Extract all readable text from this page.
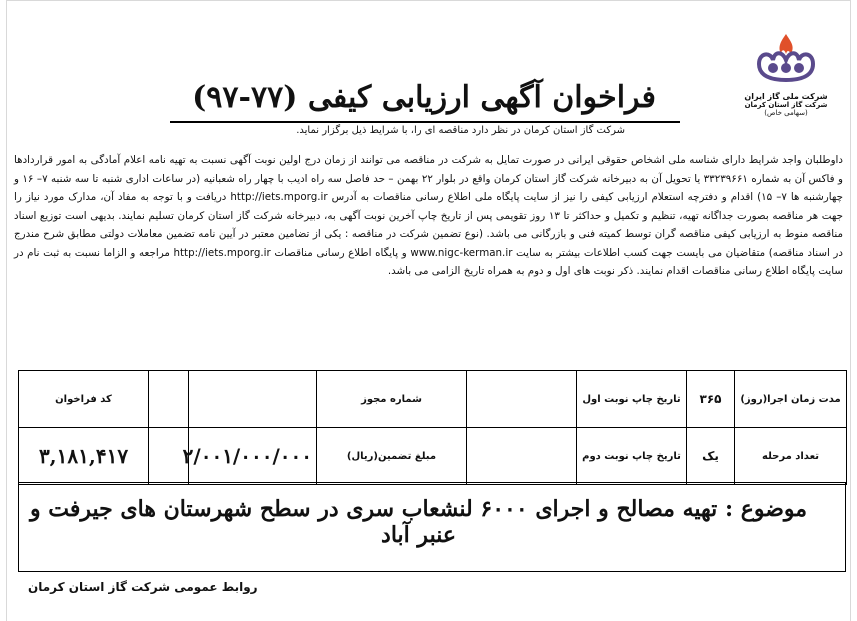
شرکت ملی گاز ایران
شرکت گاز استان کرمان
(سهامی خاص)
فراخوان آگهی ارزیابی کیفی (۷۷-۹۷)
شرکت گاز استان کرمان در نظر دارد مناقصه ای را، با شرایط ذیل برگزار نماید.
داوطلبان واجد شرایط دارای شناسه ملی اشخاص حقوقی ایرانی در صورت تمایل به شرکت در مناقصه می توانند از زمان درج اولین نوبت آگهی نسبت به تهیه نامه اعلام آمادگی به امور قراردادها و فاکس آن به شماره ۳۳۲۳۹۶۶۱ یا تحویل آن به دبیرخانه شرکت گاز استان کرمان واقع در بلوار ۲۲ بهمن – حد فاصل سه راه ادیب با چهار راه شعبانیه (در ساعات اداری شنبه تا سه شنبه ۷– ۱۶ و چهارشنبه ها ۷– ۱۵) اقدام و دفترچه استعلام ارزیابی کیفی را نیز از سایت پایگاه ملی اطلاع رسانی مناقصات به آدرس http://iets.mporg.ir دریافت و با توجه به مفاد آن، مدارک مورد نیاز را جهت هر مناقصه بصورت جداگانه تهیه، تنظیم و تکمیل و حداکثر تا ۱۳ روز تقویمی پس از تاریخ چاپ آخرین نوبت آگهی به، دبیرخانه شرکت گاز استان کرمان تسلیم نمایند. بدیهی است توزیع اسناد مناقصه منوط به ارزیابی کیفی مناقصه گران توسط کمیته فنی و بازرگانی می باشد. (نوع تضمین شرکت در مناقصه : یکی از تضامین معتبر در آیین نامه تضمین معاملات دولتی مطابق شرح مندرج در اسناد مناقصه) متقاضیان می بایست جهت کسب اطلاعات بیشتر به سایت www.nigc-kerman.ir و پایگاه اطلاع رسانی مناقصات http://iets.mporg.ir مراجعه و الزاما نسبت به ثبت نام در سایت پایگاه اطلاع رسانی مناقصات اقدام نمایند. ذکر نوبت های اول و دوم به همراه تاریخ الزامی می باشد.
مدت زمان اجرا(روز)	۳۶۵	تاریخ چاپ نوبت اول		شماره مجوز			کد فراخوان
تعداد مرحله	یک	تاریخ چاپ نوبت دوم		مبلغ تضمین(ریال)	۲/۰۰۱/۰۰۰/۰۰۰		۳,۱۸۱,۴۱۷
موضوع : تهیه مصالح و اجرای ۶۰۰۰ لنشعاب سری در سطح شهرستان های جیرفت و عنبر آباد
روابط عمومی شرکت گاز استان کرمان
